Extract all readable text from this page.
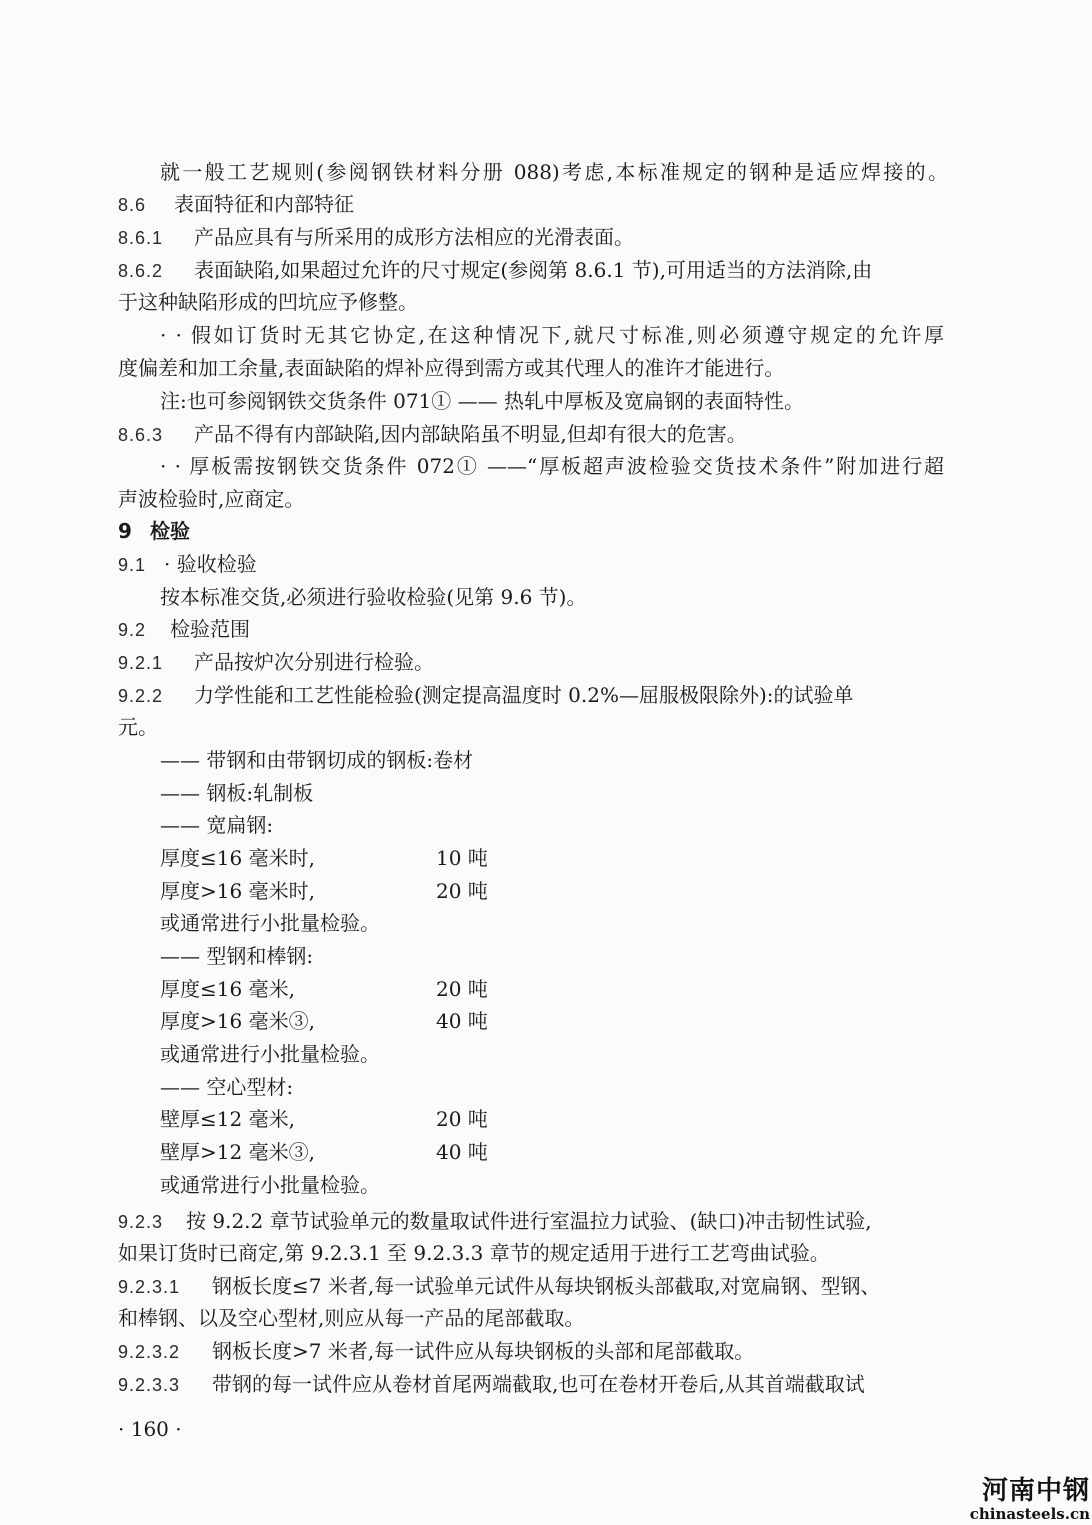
就一般工艺规则(参阅钢铁材料分册 088)考虑,本标准规定的钢种是适应焊接的。
8.6 表面特征和内部特征
8.6.1 产品应具有与所采用的成形方法相应的光滑表面。
8.6.2 表面缺陷,如果超过允许的尺寸规定(参阅第 8.6.1 节),可用适当的方法消除,由
于这种缺陷形成的凹坑应予修整。
· · 假如订货时无其它协定,在这种情况下,就尺寸标准,则必须遵守规定的允许厚
度偏差和加工余量,表面缺陷的焊补应得到需方或其代理人的准许才能进行。
注:也可参阅钢铁交货条件 071① —— 热轧中厚板及宽扁钢的表面特性。
8.6.3 产品不得有内部缺陷,因内部缺陷虽不明显,但却有很大的危害。
· · 厚板需按钢铁交货条件 072① ——“厚板超声波检验交货技术条件”附加进行超
声波检验时,应商定。
9 检验
9.1 · 验收检验
按本标准交货,必须进行验收检验(见第 9.6 节)。
9.2 检验范围
9.2.1 产品按炉次分别进行检验。
9.2.2 力学性能和工艺性能检验(测定提高温度时 0.2%—屈服极限除外):的试验单
元。
—— 带钢和由带钢切成的钢板:卷材
—— 钢板:轧制板
—— 宽扁钢:
厚度≤16 毫米时,	10 吨
厚度>16 毫米时,	20 吨
或通常进行小批量检验。
—— 型钢和棒钢:
厚度≤16 毫米,	20 吨
厚度>16 毫米③,	40 吨
或通常进行小批量检验。
—— 空心型材:
壁厚≤12 毫米,	20 吨
壁厚>12 毫米③,	40 吨
或通常进行小批量检验。
9.2.3 按 9.2.2 章节试验单元的数量取试件进行室温拉力试验、(缺口)冲击韧性试验,
如果订货时已商定,第 9.2.3.1 至 9.2.3.3 章节的规定适用于进行工艺弯曲试验。
9.2.3.1 钢板长度≤7 米者,每一试验单元试件从每块钢板头部截取,对宽扁钢、型钢、
和棒钢、以及空心型材,则应从每一产品的尾部截取。
9.2.3.2 钢板长度>7 米者,每一试件应从每块钢板的头部和尾部截取。
9.2.3.3 带钢的每一试件应从卷材首尾两端截取,也可在卷材开卷后,从其首端截取试
· 160 ·
河南中钢
chinasteels.cn
